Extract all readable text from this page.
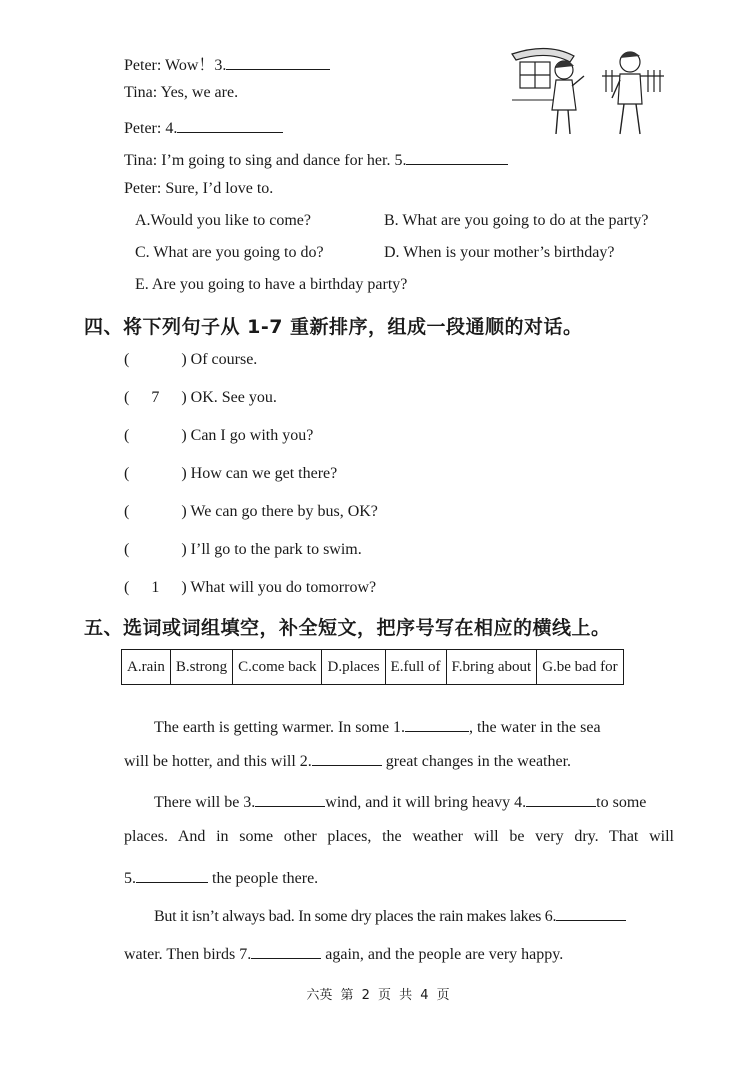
Peter: Wow！3.
Tina: Yes, we are.
Peter: 4.
Tina: I’m going to sing and dance for her. 5.
Peter: Sure, I’d love to.
A.Would you like to come?	B. What are you going to do at the party?
C. What are you going to do?	D. When is your mother’s birthday?
E. Are you going to have a birthday party?
四、将下列句子从 1-7 重新排序，组成一段通顺的对话。
(	) Of course.
( 7 ) OK. See you.
(	) Can I go with you?
(	) How can we get there?
(	) We can go there by bus, OK?
(	) I’ll go to the park to swim.
( 1 ) What will you do tomorrow?
五、选词或词组填空，补全短文，把序号写在相应的横线上。
A.rain	B.strong	C.come back	D.places	E.full of	F.bring about	G.be bad for
The earth is getting warmer. In some 1.	, the water in the sea
will be hotter, and this will 2.	great changes in the weather.
There will be 3.	wind, and it will bring heavy 4.	to some
places. And in some other places, the weather will be very dry. That will
5.	the people there.
But it isn’t always bad. In some dry places the rain makes lakes 6.
water. Then birds 7.	again, and the people are very happy.
六英 第 2 页 共 4 页
